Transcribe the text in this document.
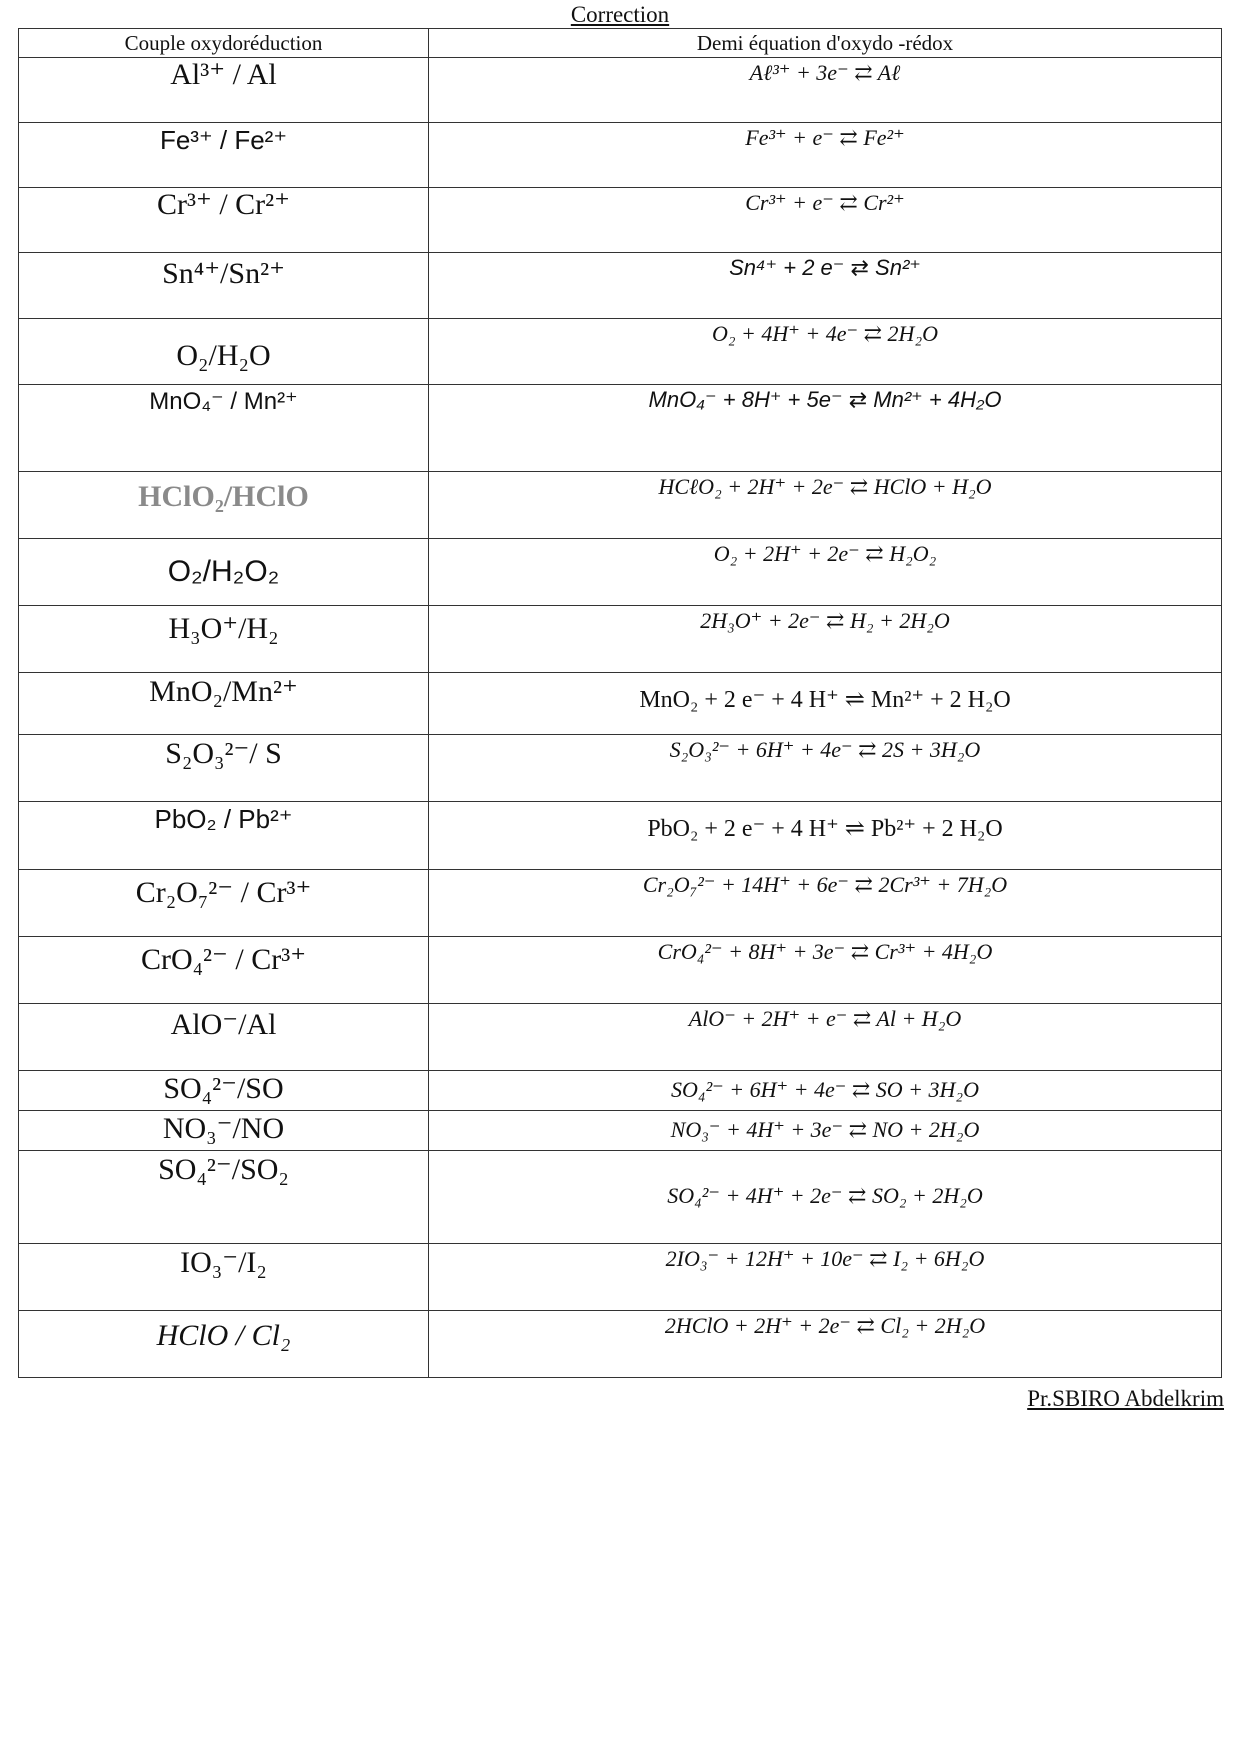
Correction
Couple oxydoréduction	Demi équation d'oxydo -rédox
Al³⁺ / Al	Aℓ³⁺ + 3e⁻ ⇄ Aℓ
Fe³⁺ / Fe²⁺	Fe³⁺ + e⁻ ⇄ Fe²⁺
Cr³⁺ / Cr²⁺	Cr³⁺ + e⁻ ⇄ Cr²⁺
Sn⁴⁺/Sn²⁺	Sn⁴⁺ + 2 e⁻ ⇄ Sn²⁺
O₂/H₂O	O₂ + 4H⁺ + 4e⁻ ⇄ 2H₂O
MnO₄⁻ / Mn²⁺	MnO₄⁻ + 8H⁺ + 5e⁻ ⇄ Mn²⁺ + 4H₂O
HClO₂/HClO	HCℓO₂ + 2H⁺ + 2e⁻ ⇄ HClO + H₂O
O₂/H₂O₂	O₂ + 2H⁺ + 2e⁻ ⇄ H₂O₂
H₃O⁺/H₂	2H₃O⁺ + 2e⁻ ⇄ H₂ + 2H₂O
MnO₂/Mn²⁺	MnO₂ + 2 e⁻ + 4 H⁺ ⇌ Mn²⁺ + 2 H₂O
S₂O₃²⁻/ S	S₂O₃²⁻ + 6H⁺ + 4e⁻ ⇄ 2S + 3H₂O
PbO₂ / Pb²⁺	PbO₂ + 2 e⁻ + 4 H⁺ ⇌ Pb²⁺ + 2 H₂O
Cr₂O₇²⁻ / Cr³⁺	Cr₂O₇²⁻ + 14H⁺ + 6e⁻ ⇄ 2Cr³⁺ + 7H₂O
CrO₄²⁻ / Cr³⁺	CrO₄²⁻ + 8H⁺ + 3e⁻ ⇄ Cr³⁺ + 4H₂O
AlO⁻/Al	AlO⁻ + 2H⁺ + e⁻ ⇄ Al + H₂O
SO₄²⁻/SO	SO₄²⁻ + 6H⁺ + 4e⁻ ⇄ SO + 3H₂O
NO₃⁻/NO	NO₃⁻ + 4H⁺ + 3e⁻ ⇄ NO + 2H₂O
SO₄²⁻/SO₂	SO₄²⁻ + 4H⁺ + 2e⁻ ⇄ SO₂ + 2H₂O
IO₃⁻/I₂	2IO₃⁻ + 12H⁺ + 10e⁻ ⇄ I₂ + 6H₂O
HClO / Cl₂	2HClO + 2H⁺ + 2e⁻ ⇄ Cl₂ + 2H₂O
Pr.SBIRO Abdelkrim
